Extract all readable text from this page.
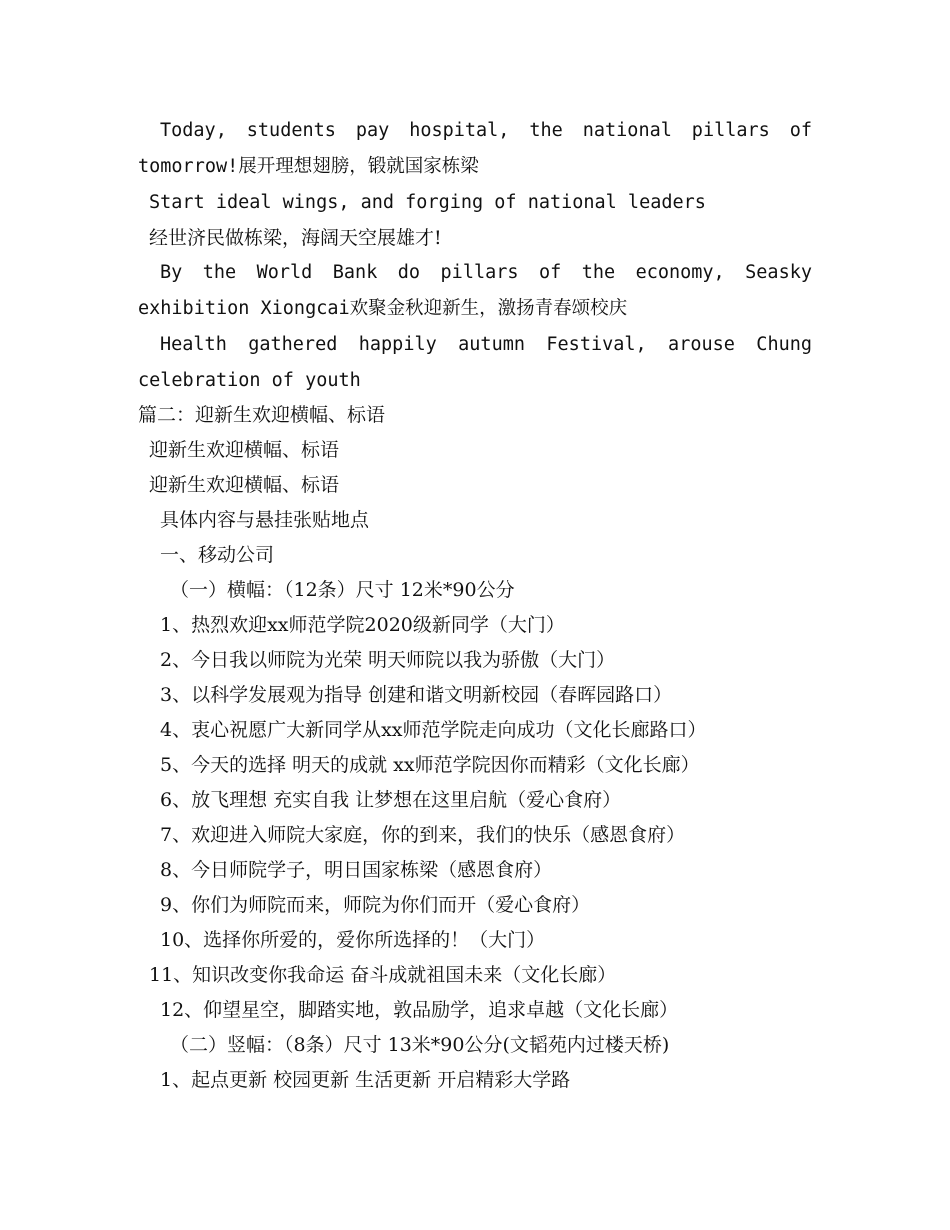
Today, students pay hospital, the national pillars of
tomorrow!展开理想翅膀，锻就国家栋梁
Start ideal wings, and forging of national leaders
经世济民做栋梁，海阔天空展雄才!
By the World Bank do pillars of the economy, Seasky
exhibition Xiongcai欢聚金秋迎新生，激扬青春颂校庆
Health gathered happily autumn Festival, arouse Chung
celebration of youth
篇二：迎新生欢迎横幅、标语
迎新生欢迎横幅、标语
迎新生欢迎横幅、标语
具体内容与悬挂张贴地点
一、移动公司
（一）横幅：（12条）尺寸 12米*90公分
1、热烈欢迎xx师范学院2020级新同学（大门）
2、今日我以师院为光荣 明天师院以我为骄傲（大门）
3、以科学发展观为指导 创建和谐文明新校园（春晖园路口）
4、衷心祝愿广大新同学从xx师范学院走向成功（文化长廊路口）
5、今天的选择 明天的成就 xx师范学院因你而精彩（文化长廊）
6、放飞理想 充实自我 让梦想在这里启航（爱心食府）
7、欢迎进入师院大家庭，你的到来，我们的快乐（感恩食府）
8、今日师院学子，明日国家栋梁（感恩食府）
9、你们为师院而来，师院为你们而开（爱心食府）
10、选择你所爱的，爱你所选择的！（大门）
11、知识改变你我命运 奋斗成就祖国未来（文化长廊）
12、仰望星空，脚踏实地，敦品励学，追求卓越（文化长廊）
（二）竖幅：（8条）尺寸 13米*90公分(文韬苑内过楼天桥)
1、起点更新 校园更新 生活更新 开启精彩大学路
